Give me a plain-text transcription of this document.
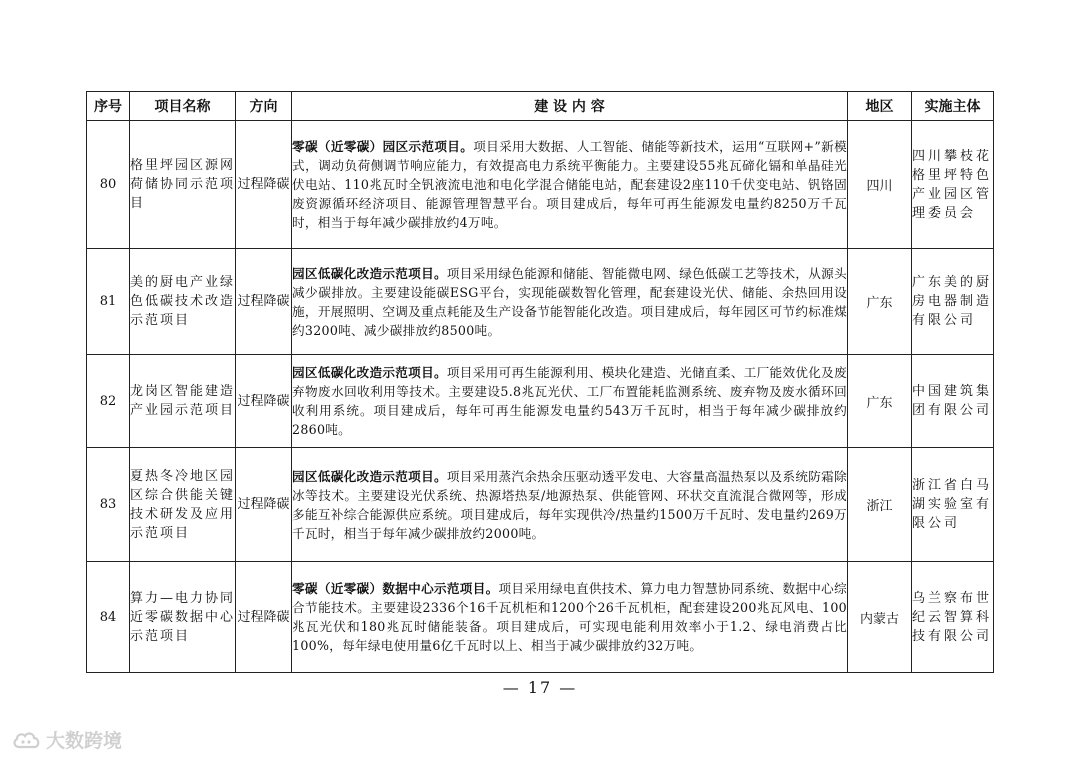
序号	项目名称	方向	建 设 内 容	地区	实施主体
80	格里坪园区源网荷储协同示范项目	过程降碳	零碳（近零碳）园区示范项目。项目采用大数据、人工智能、储能等新技术，运用“互联网+”新模式，调动负荷侧调节响应能力，有效提高电力系统平衡能力。主要建设55兆瓦碲化镉和单晶硅光伏电站、110兆瓦时全钒液流电池和电化学混合储能电站，配套建设2座110千伏变电站、钒铬固废资源循环经济项目、能源管理智慧平台。项目建成后，每年可再生能源发电量约8250万千瓦时，相当于每年减少碳排放约4万吨。	四川	四川攀枝花格里坪特色产业园区管理委员会
81	美的厨电产业绿色低碳技术改造示范项目	过程降碳	园区低碳化改造示范项目。项目采用绿色能源和储能、智能微电网、绿色低碳工艺等技术，从源头减少碳排放。主要建设能碳ESG平台，实现能碳数智化管理，配套建设光伏、储能、余热回用设施，开展照明、空调及重点耗能及生产设备节能智能化改造。项目建成后，每年园区可节约标准煤约3200吨、减少碳排放约8500吨。	广东	广东美的厨房电器制造有限公司
82	龙岗区智能建造产业园示范项目	过程降碳	园区低碳化改造示范项目。项目采用可再生能源利用、模块化建造、光储直柔、工厂能效优化及废弃物废水回收利用等技术。主要建设5.8兆瓦光伏、工厂布置能耗监测系统、废弃物及废水循环回收利用系统。项目建成后，每年可再生能源发电量约543万千瓦时，相当于每年减少碳排放约2860吨。	广东	中国建筑集团有限公司
83	夏热冬冷地区园区综合供能关键技术研发及应用示范项目	过程降碳	园区低碳化改造示范项目。项目采用蒸汽余热余压驱动透平发电、大容量高温热泵以及系统防霜除冰等技术。主要建设光伏系统、热源塔热泵/地源热泵、供能管网、环状交直流混合微网等，形成多能互补综合能源供应系统。项目建成后，每年实现供冷/热量约1500万千瓦时、发电量约269万千瓦时，相当于每年减少碳排放约2000吨。	浙江	浙江省白马湖实验室有限公司
84	算力—电力协同近零碳数据中心示范项目	过程降碳	零碳（近零碳）数据中心示范项目。项目采用绿电直供技术、算力电力智慧协同系统、数据中心综合节能技术。主要建设2336个16千瓦机柜和1200个26千瓦机柜，配套建设200兆瓦风电、100兆瓦光伏和180兆瓦时储能装备。项目建成后，可实现电能利用效率小于1.2、绿电消费占比100%，每年绿电使用量6亿千瓦时以上、相当于减少碳排放约32万吨。	内蒙古	乌兰察布世纪云智算科技有限公司
— 17 —
大数跨境
